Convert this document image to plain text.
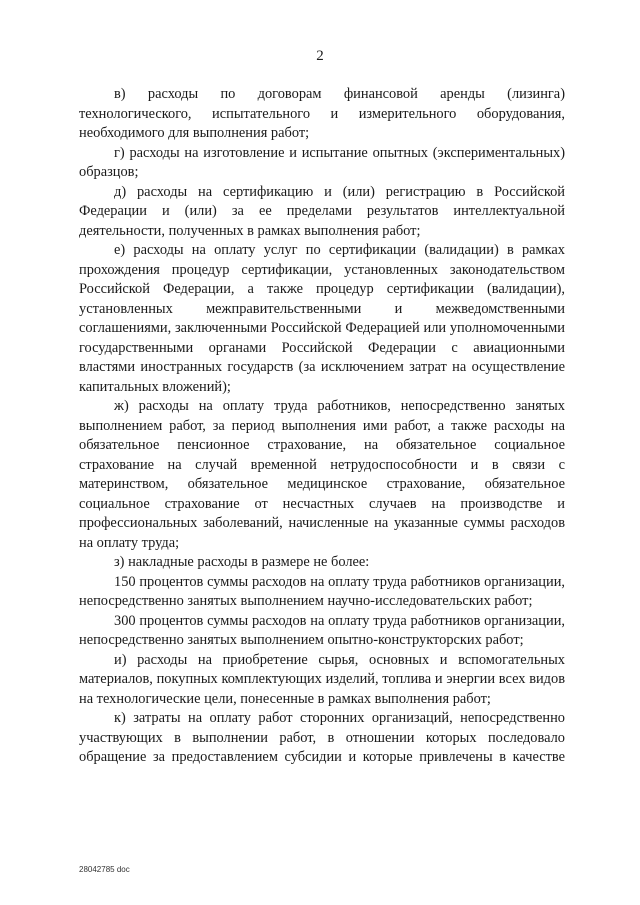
2

в) расходы по договорам финансовой аренды (лизинга) технологического, испытательного и измерительного оборудования, необходимого для выполнения работ;

г) расходы на изготовление и испытание опытных (экспериментальных) образцов;

д) расходы на сертификацию и (или) регистрацию в Российской Федерации и (или) за ее пределами результатов интеллектуальной деятельности, полученных в рамках выполнения работ;

е) расходы на оплату услуг по сертификации (валидации) в рамках прохождения процедур сертификации, установленных законодательством Российской Федерации, а также процедур сертификации (валидации), установленных межправительственными и межведомственными соглашениями, заключенными Российской Федерацией или уполномоченными государственными органами Российской Федерации с авиационными властями иностранных государств (за исключением затрат на осуществление капитальных вложений);

ж) расходы на оплату труда работников, непосредственно занятых выполнением работ, за период выполнения ими работ, а также расходы на обязательное пенсионное страхование, на обязательное социальное страхование на случай временной нетрудоспособности и в связи с материнством, обязательное медицинское страхование, обязательное социальное страхование от несчастных случаев на производстве и профессиональных заболеваний, начисленные на указанные суммы расходов на оплату труда;

з) накладные расходы в размере не более:

150 процентов суммы расходов на оплату труда работников организации, непосредственно занятых выполнением научно-исследовательских работ;

300 процентов суммы расходов на оплату труда работников организации, непосредственно занятых выполнением опытно-конструкторских работ;

и) расходы на приобретение сырья, основных и вспомогательных материалов, покупных комплектующих изделий, топлива и энергии всех видов на технологические цели, понесенные в рамках выполнения работ;

к) затраты на оплату работ сторонних организаций, непосредственно участвующих в выполнении работ, в отношении которых последовало обращение за предоставлением субсидии и которые привлечены в качестве

28042785 doc
